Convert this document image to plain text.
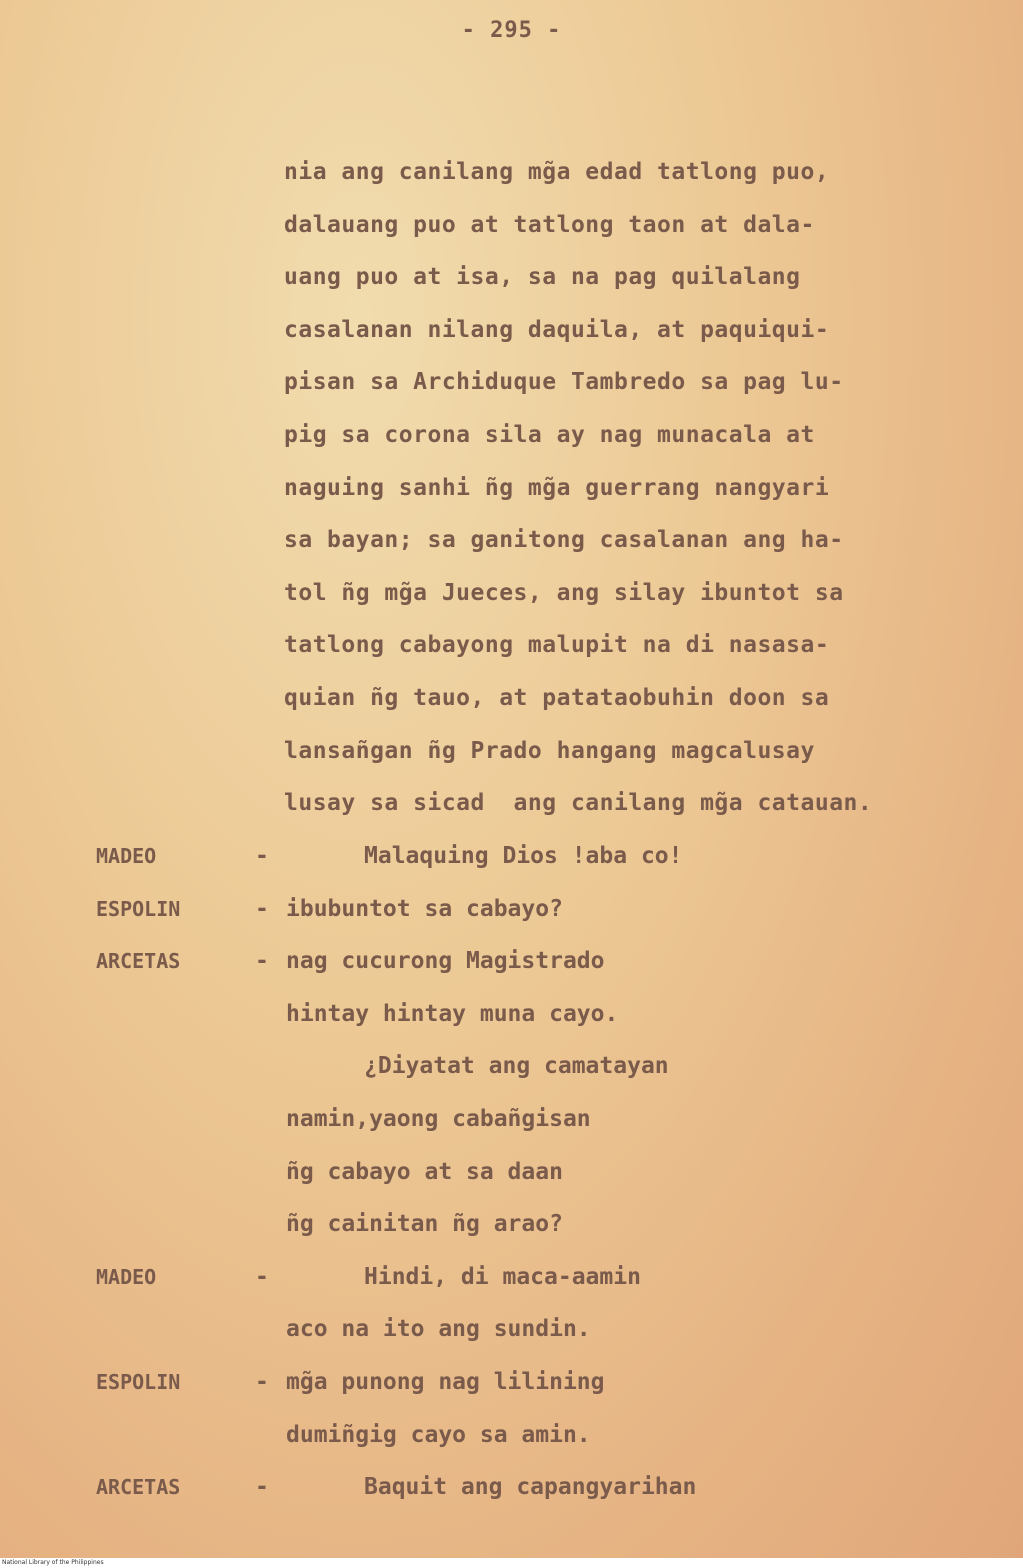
- 295 -
nia ang canilang mg̃a edad tatlong puo,
dalauang puo at tatlong taon at dala-
uang puo at isa, sa na pag quilalang
casalanan nilang daquila, at paquiqui-
pisan sa Archiduque Tambredo sa pag lu-
pig sa corona sila ay nag munacala at
naguing sanhi ñg mg̃a guerrang nangyari
sa bayan; sa ganitong casalanan ang ha-
tol ñg mg̃a Jueces, ang silay ibuntot sa
tatlong cabayong malupit na di nasasa-
quian ñg tauo, at patataobuhin doon sa
lansañgan ñg Prado hangang magcalusay
lusay sa sicad  ang canilang mg̃a catauan.
MADEO	-	Malaquing Dios !aba co!
ESPOLIN	- ibubuntot sa cabayo?
ARCETAS	- nag cucurong Magistrado
hintay hintay muna cayo.
¿Diyatat ang camatayan
namin,yaong cabañgisan
ñg cabayo at sa daan
ñg cainitan ñg arao?
MADEO	-	Hindi, di maca-aamin
aco na ito ang sundin.
ESPOLIN	- mg̃a punong nag lilining
dumiñgig cayo sa amin.
ARCETAS	-	Baquit ang capangyarihan
National Library of the Philippines
